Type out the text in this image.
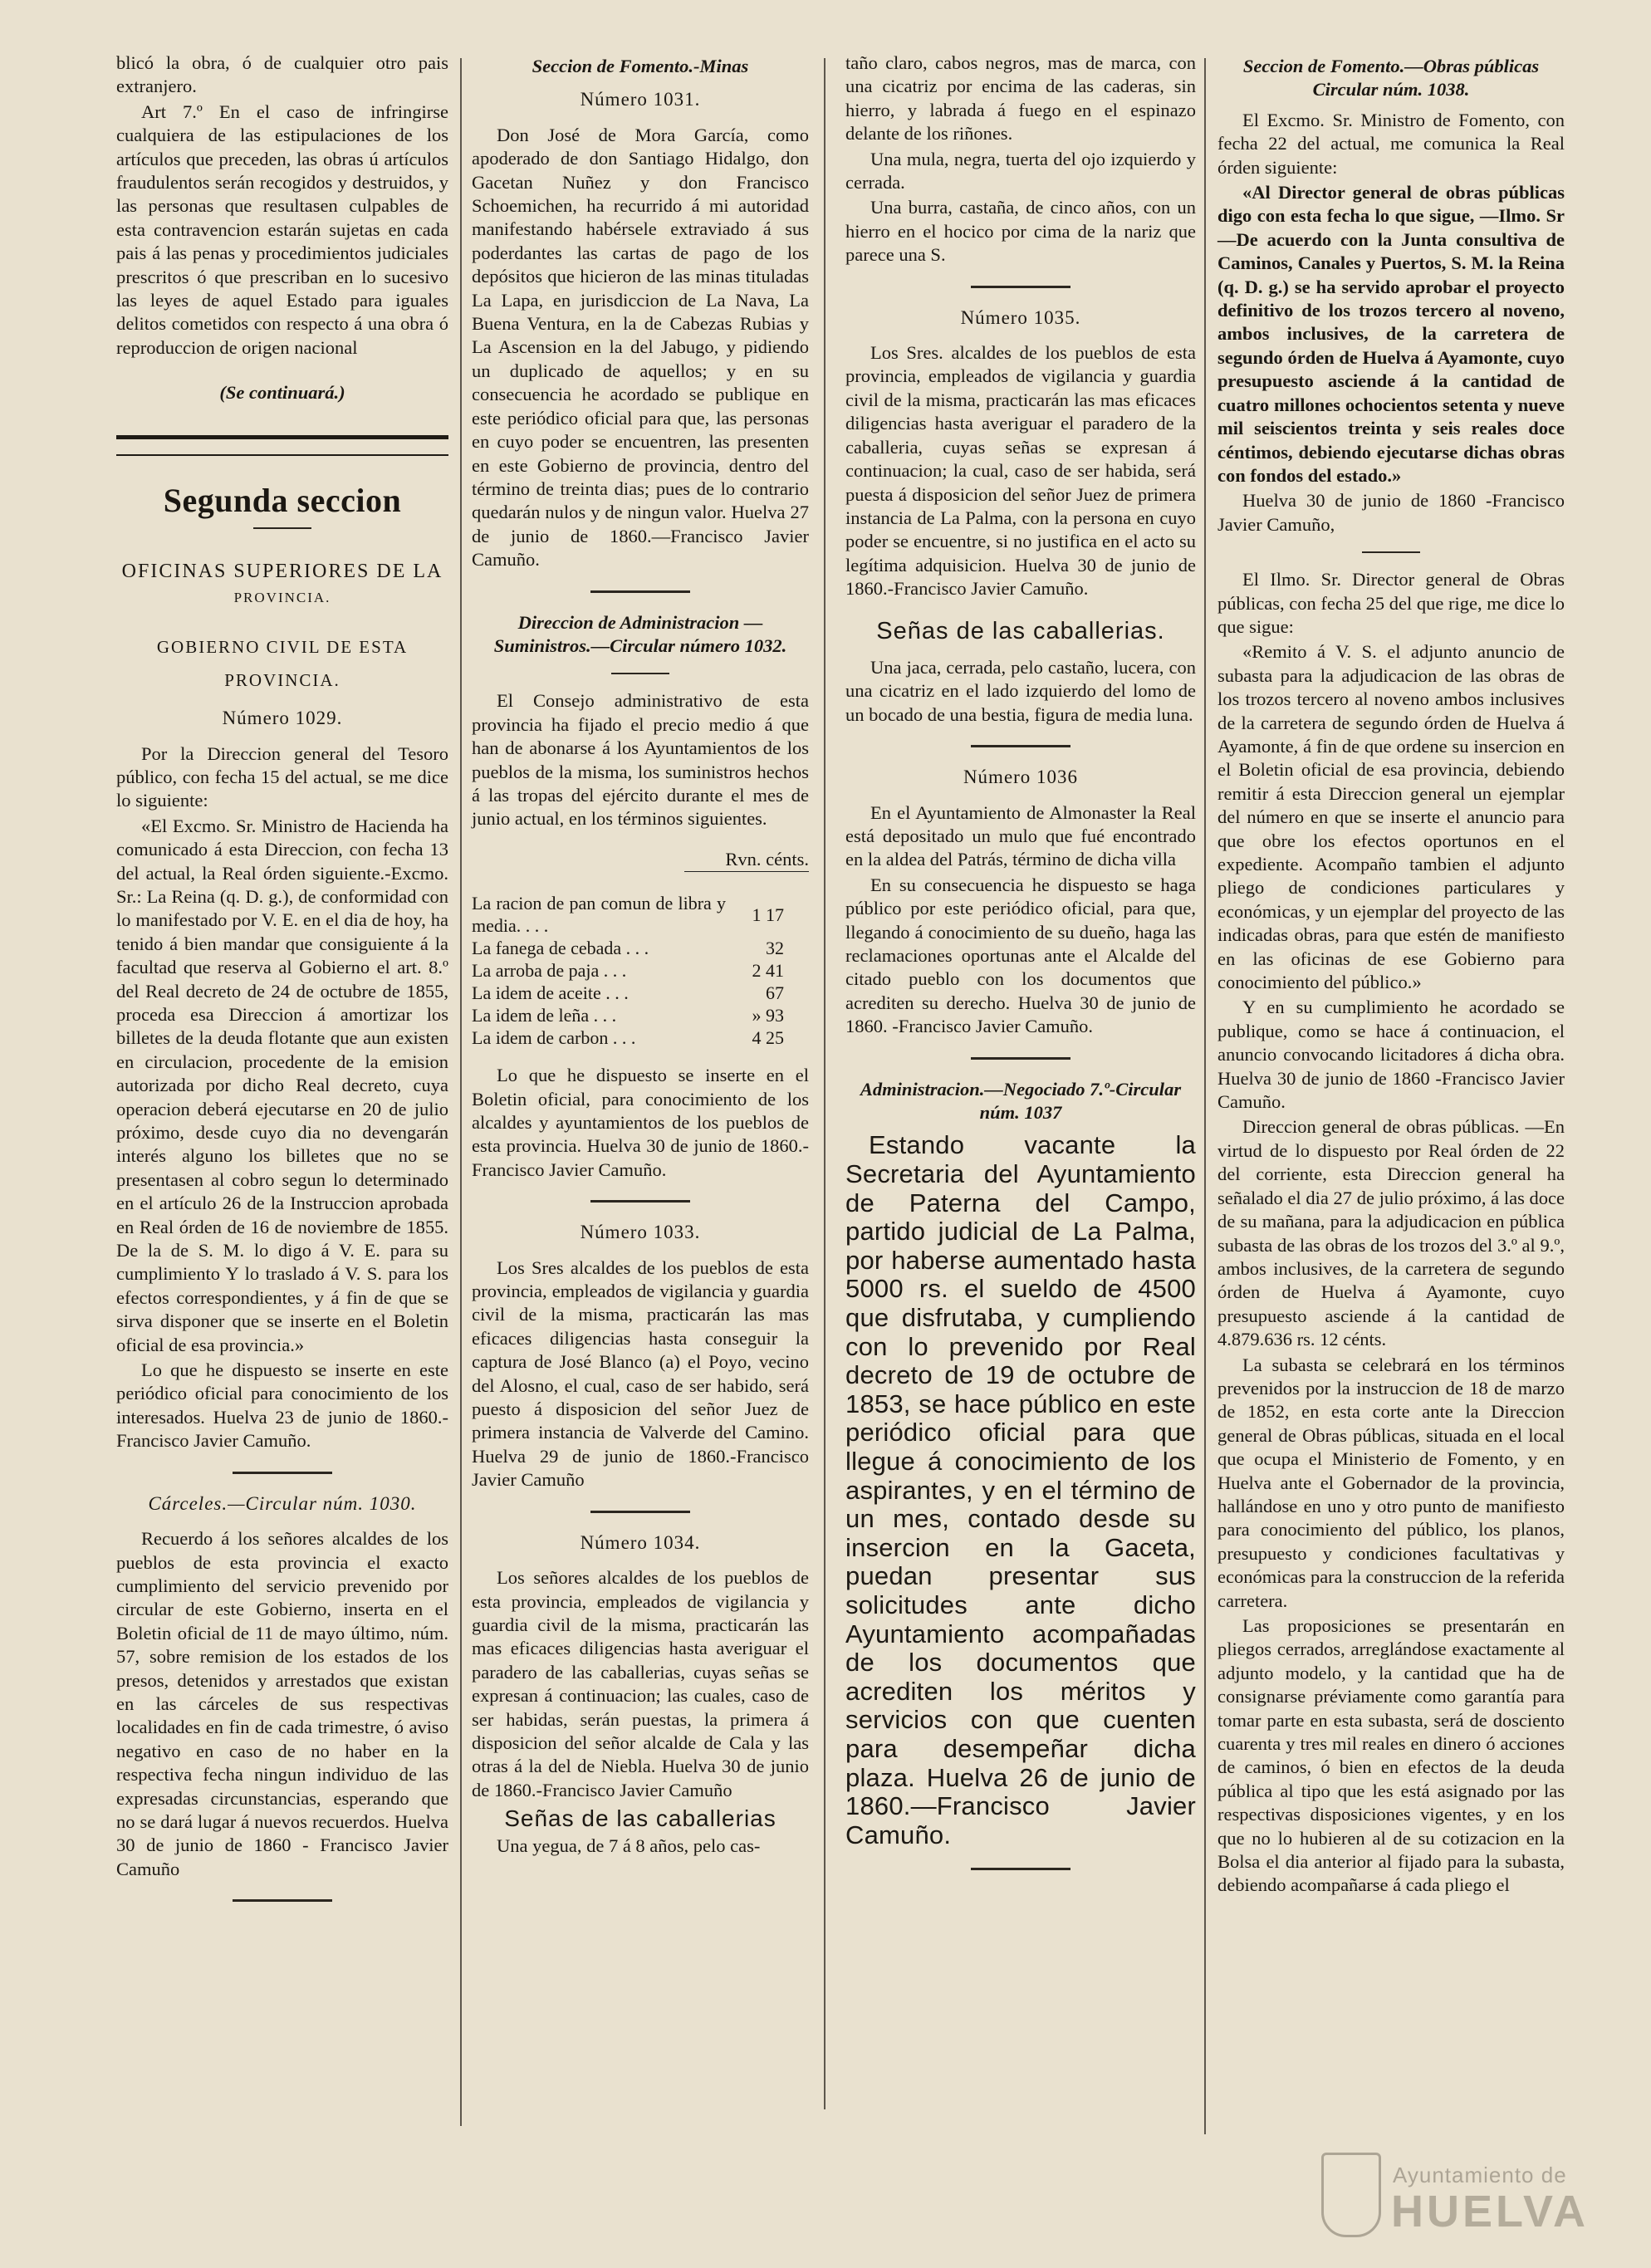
blicó la obra, ó de cualquier otro pais extranjero.

Art 7.º En el caso de infringirse cualquiera de las estipulaciones de los artículos que preceden, las obras ú artículos fraudulentos serán recogidos y destruidos, y las personas que resultasen culpables de esta contravencion estarán sujetas en cada pais á las penas y procedimientos judiciales prescritos ó que prescriban en lo sucesivo las leyes de aquel Estado para iguales delitos cometidos con respecto á una obra ó reproduccion de origen nacional

(Se continuará.)
Segunda seccion
OFICINAS SUPERIORES DE LA
PROVINCIA.
GOBIERNO CIVIL DE ESTA PROVINCIA.
Número 1029.

Por la Direccion general del Tesoro público, con fecha 15 del actual, se me dice lo siguiente:

«El Excmo. Sr. Ministro de Hacienda ha comunicado á esta Direccion, con fecha 13 del actual, la Real órden siguiente.-Excmo. Sr.: La Reina (q. D. g.), de conformidad con lo manifestado por V. E. en el dia de hoy, ha tenido á bien mandar que consiguiente á la facultad que reserva al Gobierno el art. 8.º del Real decreto de 24 de octubre de 1855, proceda esa Direccion á amortizar los billetes de la deuda flotante que aun existen en circulacion, procedente de la emision autorizada por dicho Real decreto, cuya operacion deberá ejecutarse en 20 de julio próximo, desde cuyo dia no devengarán interés alguno los billetes que no se presentasen al cobro segun lo determinado en el artículo 26 de la Instruccion aprobada en Real órden de 16 de noviembre de 1855. De la de S. M. lo digo á V. E. para su cumplimiento Y lo traslado á V. S. para los efectos correspondientes, y á fin de que se sirva disponer que se inserte en el Boletin oficial de esa provincia.»

Lo que he dispuesto se inserte en este periódico oficial para conocimiento de los interesados. Huelva 23 de junio de 1860.-Francisco Javier Camuño.

Cárceles.—Circular núm. 1030.

Recuerdo á los señores alcaldes de los pueblos de esta provincia el exacto cumplimiento del servicio prevenido por circular de este Gobierno, inserta en el Boletin oficial de 11 de mayo último, núm. 57, sobre remision de los estados de los presos, detenidos y arrestados que existan en las cárceles de sus respectivas localidades en fin de cada trimestre, ó aviso negativo en caso de no haber en la respectiva fecha ningun individuo de las expresadas circunstancias, esperando que no se dará lugar á nuevos recuerdos. Huelva 30 de junio de 1860 - Francisco Javier Camuño

Seccion de Fomento.-Minas
Número 1031.

Don José de Mora García, como apoderado de don Santiago Hidalgo, don Gacetan Nuñez y don Francisco Schoemichen, ha recurrido á mi autoridad manifestando habérsele extraviado á sus poderdantes las cartas de pago de los depósitos que hicieron de las minas tituladas La Lapa, en jurisdiccion de La Nava, La Buena Ventura, en la de Cabezas Rubias y La Ascension en la del Jabugo, y pidiendo un duplicado de aquellos; y en su consecuencia he acordado se publique en este periódico oficial para que, las personas en cuyo poder se encuentren, las presenten en este Gobierno de provincia, dentro del término de treinta dias; pues de lo contrario quedarán nulos y de ningun valor. Huelva 27 de junio de 1860.—Francisco Javier Camuño.

Direccion de Administracion —Suministros.—Circular número 1032.

El Consejo administrativo de esta provincia ha fijado el precio medio á que han de abonarse á los Ayuntamientos de los pueblos de la misma, los suministros hechos á las tropas del ejército durante el mes de junio actual, en los términos siguientes.

Rvn. cénts.
La racion de pan comun de libra y media. . . .	1 17
La fanega de cebada . . .	32
La arroba de paja . . .	2 41
La idem de aceite . . .	67
La idem de leña . . .	» 93
La idem de carbon . . .	4 25

Lo que he dispuesto se inserte en el Boletin oficial, para conocimiento de los alcaldes y ayuntamientos de los pueblos de esta provincia. Huelva 30 de junio de 1860.-Francisco Javier Camuño.

Número 1033.

Los Sres alcaldes de los pueblos de esta provincia, empleados de vigilancia y guardia civil de la misma, practicarán las mas eficaces diligencias hasta conseguir la captura de José Blanco (a) el Poyo, vecino del Alosno, el cual, caso de ser habido, será puesto á disposicion del señor Juez de primera instancia de Valverde del Camino. Huelva 29 de junio de 1860.-Francisco Javier Camuño

Número 1034.

Los señores alcaldes de los pueblos de esta provincia, empleados de vigilancia y guardia civil de la misma, practicarán las mas eficaces diligencias hasta averiguar el paradero de las caballerias, cuyas señas se expresan á continuacion; las cuales, caso de ser habidas, serán puestas, la primera á disposicion del señor alcalde de Cala y las otras á la del de Niebla. Huelva 30 de junio de 1860.-Francisco Javier Camuño

Señas de las caballerias

Una yegua, de 7 á 8 años, pelo cas-

taño claro, cabos negros, mas de marca, con una cicatriz por encima de las caderas, sin hierro, y labrada á fuego en el espinazo delante de los riñones.

Una mula, negra, tuerta del ojo izquierdo y cerrada.

Una burra, castaña, de cinco años, con un hierro en el hocico por cima de la nariz que parece una S.

Número 1035.

Los Sres. alcaldes de los pueblos de esta provincia, empleados de vigilancia y guardia civil de la misma, practicarán las mas eficaces diligencias hasta averiguar el paradero de la caballeria, cuyas señas se expresan á continuacion; la cual, caso de ser habida, será puesta á disposicion del señor Juez de primera instancia de La Palma, con la persona en cuyo poder se encuentre, si no justifica en el acto su legítima adquisicion. Huelva 30 de junio de 1860.-Francisco Javier Camuño.

Señas de las caballerias.

Una jaca, cerrada, pelo castaño, lucera, con una cicatriz en el lado izquierdo del lomo de un bocado de una bestia, figura de media luna.

Número 1036

En el Ayuntamiento de Almonaster la Real está depositado un mulo que fué encontrado en la aldea del Patrás, término de dicha villa

En su consecuencia he dispuesto se haga público por este periódico oficial, para que, llegando á conocimiento de su dueño, haga las reclamaciones oportunas ante el Alcalde del citado pueblo con los documentos que acrediten su derecho. Huelva 30 de junio de 1860. -Francisco Javier Camuño.

Administracion.—Negociado 7.º-Circular núm. 1037

Estando vacante la Secretaria del Ayuntamiento de Paterna del Campo, partido judicial de La Palma, por haberse aumentado hasta 5000 rs. el sueldo de 4500 que disfrutaba, y cumpliendo con lo prevenido por Real decreto de 19 de octubre de 1853, se hace público en este periódico oficial para que llegue á conocimiento de los aspirantes, y en el término de un mes, contado desde su insercion en la Gaceta, puedan presentar sus solicitudes ante dicho Ayuntamiento acompañadas de los documentos que acrediten los méritos y servicios con que cuenten para desempeñar dicha plaza. Huelva 26 de junio de 1860.—Francisco Javier Camuño.

Seccion de Fomento.—Obras públicas Circular núm. 1038.

El Excmo. Sr. Ministro de Fomento, con fecha 22 del actual, me comunica la Real órden siguiente:

«Al Director general de obras públicas digo con esta fecha lo que sigue, —Ilmo. Sr —De acuerdo con la Junta consultiva de Caminos, Canales y Puertos, S. M. la Reina (q. D. g.) se ha servido aprobar el proyecto definitivo de los trozos tercero al noveno, ambos inclusives, de la carretera de segundo órden de Huelva á Ayamonte, cuyo presupuesto asciende á la cantidad de cuatro millones ochocientos setenta y nueve mil seiscientos treinta y seis reales doce céntimos, debiendo ejecutarse dichas obras con fondos del estado.»

Huelva 30 de junio de 1860 -Francisco Javier Camuño,

El Ilmo. Sr. Director general de Obras públicas, con fecha 25 del que rige, me dice lo que sigue:

«Remito á V. S. el adjunto anuncio de subasta para la adjudicacion de las obras de los trozos tercero al noveno ambos inclusives de la carretera de segundo órden de Huelva á Ayamonte, á fin de que ordene su insercion en el Boletin oficial de esa provincia, debiendo remitir á esta Direccion general un ejemplar del número en que se inserte el anuncio para que obre los efectos oportunos en el expediente. Acompaño tambien el adjunto pliego de condiciones particulares y económicas, y un ejemplar del proyecto de las indicadas obras, para que estén de manifiesto en las oficinas de ese Gobierno para conocimiento del público.»

Y en su cumplimiento he acordado se publique, como se hace á continuacion, el anuncio convocando licitadores á dicha obra. Huelva 30 de junio de 1860 -Francisco Javier Camuño.

Direccion general de obras públicas. —En virtud de lo dispuesto por Real órden de 22 del corriente, esta Direccion general ha señalado el dia 27 de julio próximo, á las doce de su mañana, para la adjudicacion en pública subasta de las obras de los trozos del 3.º al 9.º, ambos inclusives, de la carretera de segundo órden de Huelva á Ayamonte, cuyo presupuesto asciende á la cantidad de 4.879.636 rs. 12 cénts.

La subasta se celebrará en los términos prevenidos por la instruccion de 18 de marzo de 1852, en esta corte ante la Direccion general de Obras públicas, situada en el local que ocupa el Ministerio de Fomento, y en Huelva ante el Gobernador de la provincia, hallándose en uno y otro punto de manifiesto para conocimiento del público, los planos, presupuesto y condiciones facultativas y económicas para la construccion de la referida carretera.

Las proposiciones se presentarán en pliegos cerrados, arreglándose exactamente al adjunto modelo, y la cantidad que ha de consignarse préviamente como garantía para tomar parte en esta subasta, será de dosciento cuarenta y tres mil reales en dinero ó acciones de caminos, ó bien en efectos de la deuda pública al tipo que les está asignado por las respectivas disposiciones vigentes, y en los que no lo hubieren al de su cotizacion en la Bolsa el dia anterior al fijado para la subasta, debiendo acompañarse á cada pliego el

Ayuntamiento de
HUELVA
